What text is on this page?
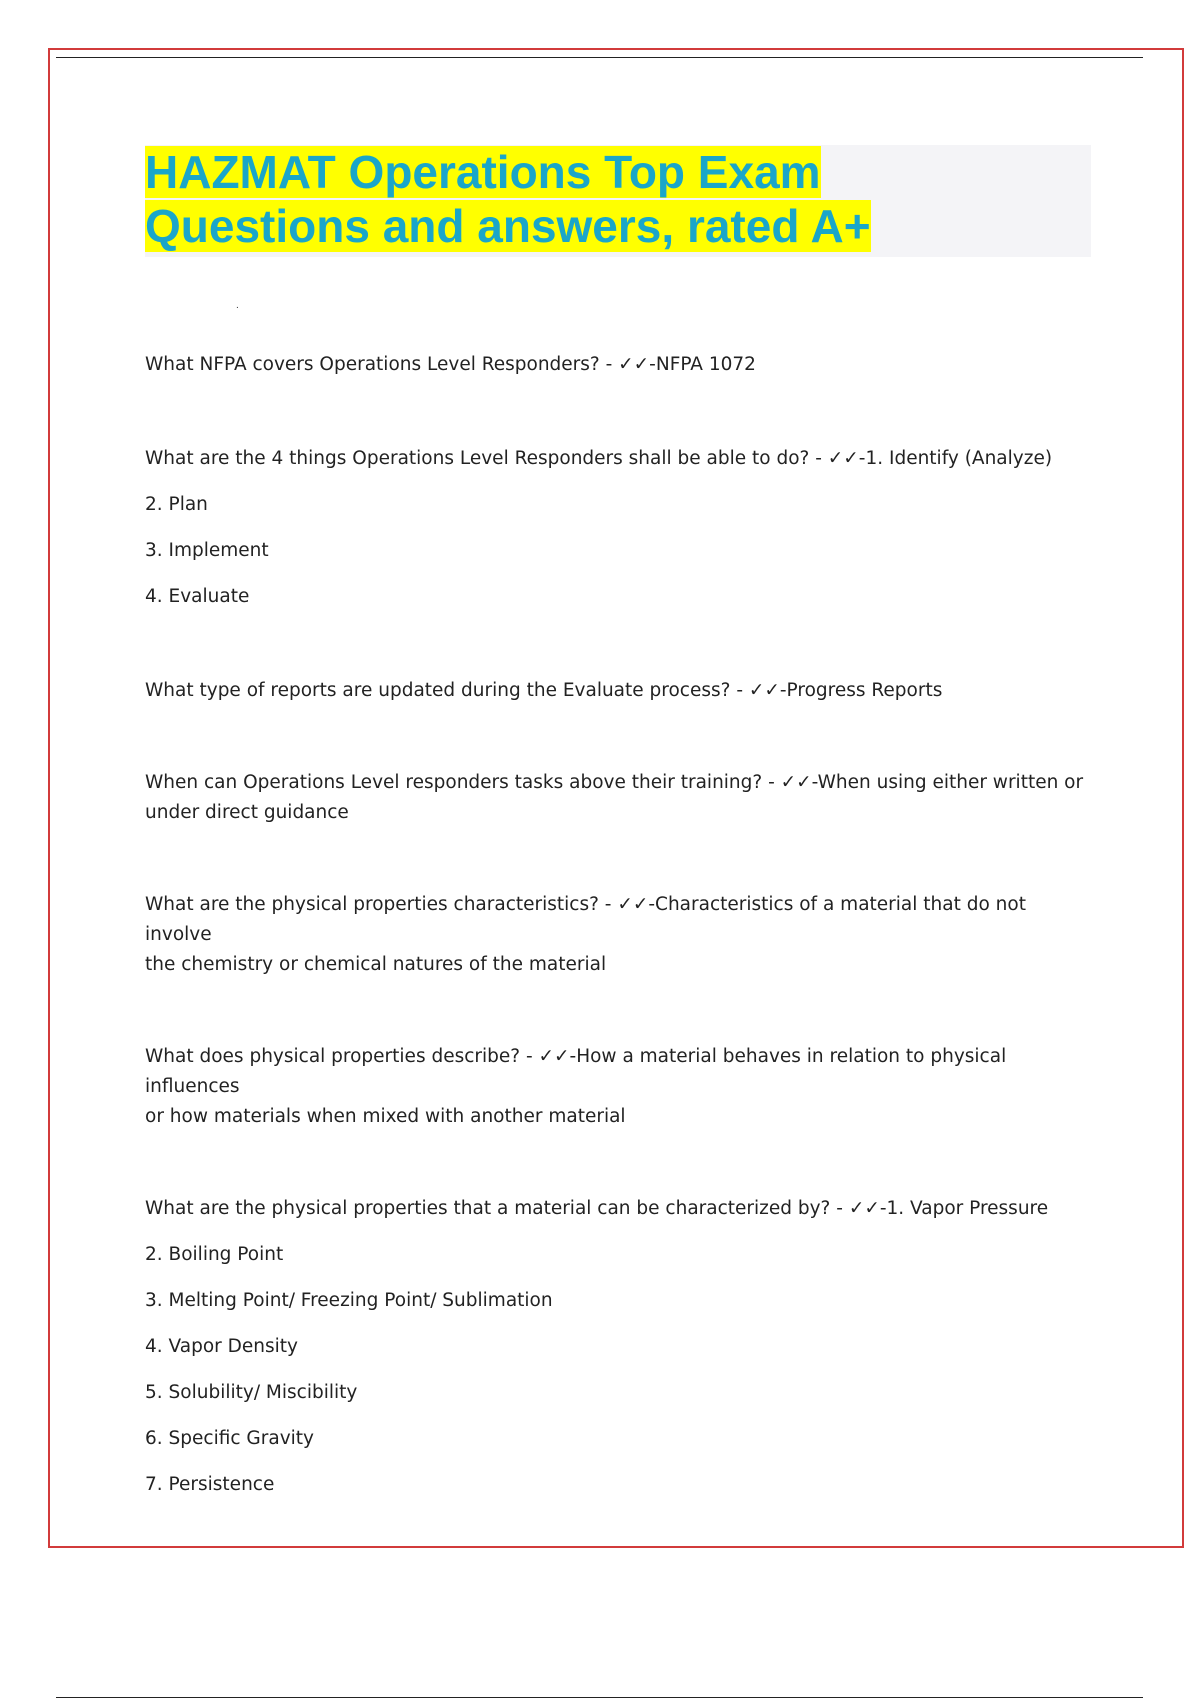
HAZMAT Operations Top Exam
Questions and answers, rated A+
.

What NFPA covers Operations Level Responders? - ✓✓-NFPA 1072

What are the 4 things Operations Level Responders shall be able to do? - ✓✓-1. Identify (Analyze)

2. Plan

3. Implement

4. Evaluate

What type of reports are updated during the Evaluate process? - ✓✓-Progress Reports

When can Operations Level responders tasks above their training? - ✓✓-When using either written or

under direct guidance

What are the physical properties characteristics? - ✓✓-Characteristics of a material that do not involve

the chemistry or chemical natures of the material

What does physical properties describe? - ✓✓-How a material behaves in relation to physical influences

or how materials when mixed with another material

What are the physical properties that a material can be characterized by? - ✓✓-1. Vapor Pressure

2. Boiling Point

3. Melting Point/ Freezing Point/ Sublimation

4. Vapor Density

5. Solubility/ Miscibility

6. Specific Gravity

7. Persistence
